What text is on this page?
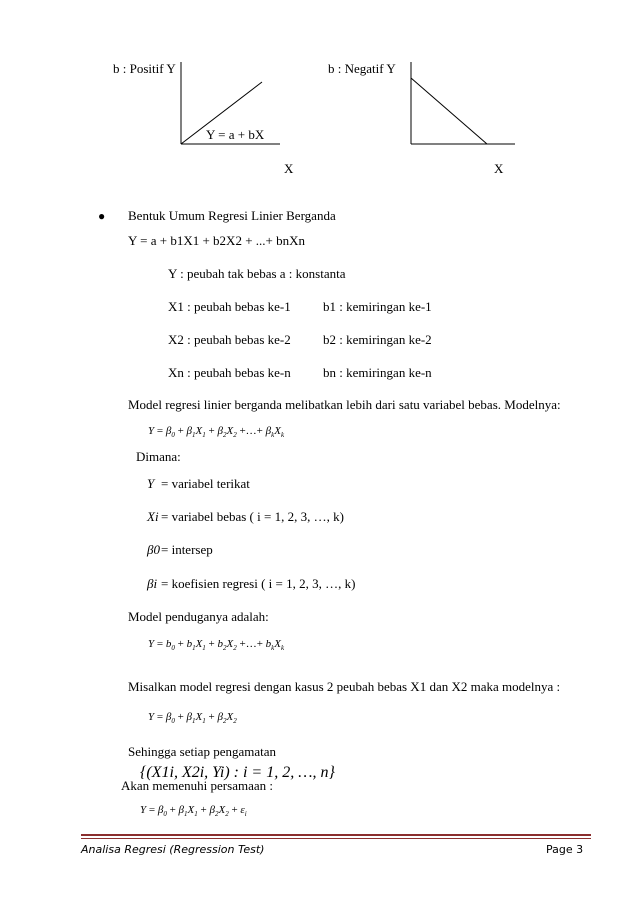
b : Positif Y
Y = a + bX
X
b : Negatif Y
X
● Bentuk Umum Regresi Linier Berganda
Y = a + b1X1 + b2X2 + ...+ bnXn
Y : peubah tak bebas a : konstanta
X1 : peubah bebas ke-1 b1 : kemiringan ke-1
X2 : peubah bebas ke-2 b2 : kemiringan ke-2
Xn : peubah bebas ke-n bn : kemiringan ke-n
Model regresi linier berganda melibatkan lebih dari satu variabel bebas. Modelnya:
$Y = \beta_0 + \beta_1X_1 + \beta_2X_2$ +…+ $\beta_kX_k$
Dimana:
Y = variabel terikat
Xi = variabel bebas ( i = 1, 2, 3, …, k)
β0 = intersep
βi = koefisien regresi ( i = 1, 2, 3, …, k)
Model penduganya adalah:
$Y = b_0 + b_1X_1 + b_2X_2$ +…+ $b_kX_k$
Misalkan model regresi dengan kasus 2 peubah bebas X1 dan X2 maka modelnya :
$Y = \beta_0 + \beta_1X_1 + \beta_2X_2$
Sehingga setiap pengamatan
{(X1i, X2i, Yi) : i = 1, 2, …, n}
Akan memenuhi persamaan :
$Y = \beta_0 + \beta_1X_1 + \beta_2X_2 + \varepsilon_i$
Analisa Regresi (Regression Test)	Page 3
